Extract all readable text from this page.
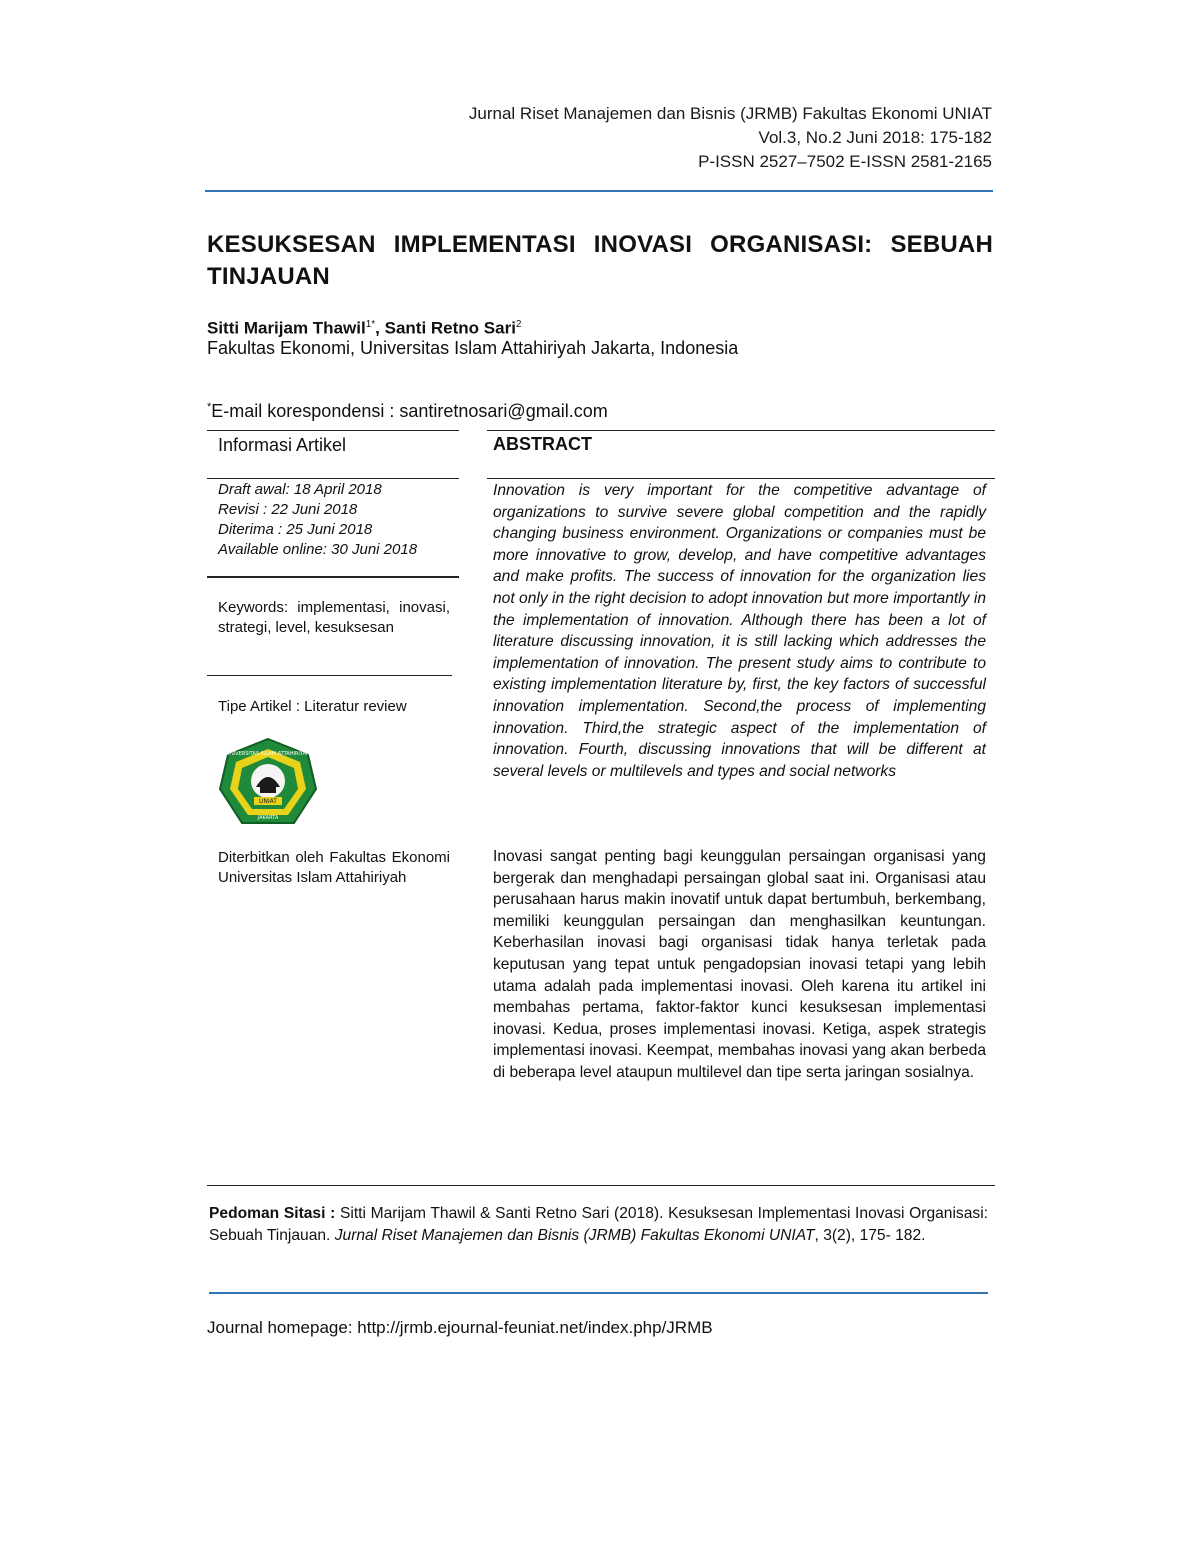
Jurnal Riset Manajemen dan Bisnis (JRMB) Fakultas Ekonomi UNIAT
Vol.3, No.2 Juni 2018: 175-182
P-ISSN 2527–7502 E-ISSN 2581-2165
KESUKSESAN IMPLEMENTASI INOVASI ORGANISASI: SEBUAH TINJAUAN
Sitti Marijam Thawil$^{1*}$, Santi Retno Sari$^2$
Fakultas Ekonomi, Universitas Islam Attahiriyah Jakarta, Indonesia
*E-mail korespondensi : santiretnosari@gmail.com
Informasi Artikel
Draft awal: 18 April 2018
Revisi : 22 Juni 2018
Diterima : 25 Juni 2018
Available online: 30 Juni 2018
Keywords: implementasi, inovasi, strategi, level, kesuksesan
Tipe Artikel : Literatur review
UNIAT
UNIVERSITAS ISLAM ATTAHIRIYAH
JAKARTA
Diterbitkan oleh Fakultas Ekonomi Universitas Islam Attahiriyah
ABSTRACT
Innovation is very important for the competitive advantage of organizations to survive severe global competition and the rapidly changing business environment. Organizations or companies must be more innovative to grow, develop, and have competitive advantages and make profits. The success of innovation for the organization lies not only in the right decision to adopt innovation but more importantly in the implementation of innovation. Although there has been a lot of literature discussing innovation, it is still lacking which addresses the implementation of innovation. The present study aims to contribute to existing implementation literature by, first, the key factors of successful innovation implementation. Second,the process of implementing innovation. Third,the strategic aspect of the implementation of innovation. Fourth, discussing innovations that will be different at several levels or multilevels and types and social networks
Inovasi sangat penting bagi keunggulan persaingan organisasi yang bergerak dan menghadapi persaingan global saat ini. Organisasi atau perusahaan harus makin inovatif untuk dapat bertumbuh, berkembang, memiliki keunggulan persaingan dan menghasilkan keuntungan. Keberhasilan inovasi bagi organisasi tidak hanya terletak pada keputusan yang tepat untuk pengadopsian inovasi tetapi yang lebih utama adalah pada implementasi inovasi. Oleh karena itu artikel ini membahas pertama, faktor-faktor kunci kesuksesan implementasi inovasi. Kedua, proses implementasi inovasi. Ketiga, aspek strategis implementasi inovasi. Keempat, membahas inovasi yang akan berbeda di beberapa level ataupun multilevel dan tipe serta jaringan sosialnya.
Pedoman Sitasi : Sitti Marijam Thawil & Santi Retno Sari (2018). Kesuksesan Implementasi Inovasi Organisasi: Sebuah Tinjauan. Jurnal Riset Manajemen dan Bisnis (JRMB) Fakultas Ekonomi UNIAT, 3(2), 175- 182.
Journal homepage: http://jrmb.ejournal-feuniat.net/index.php/JRMB
